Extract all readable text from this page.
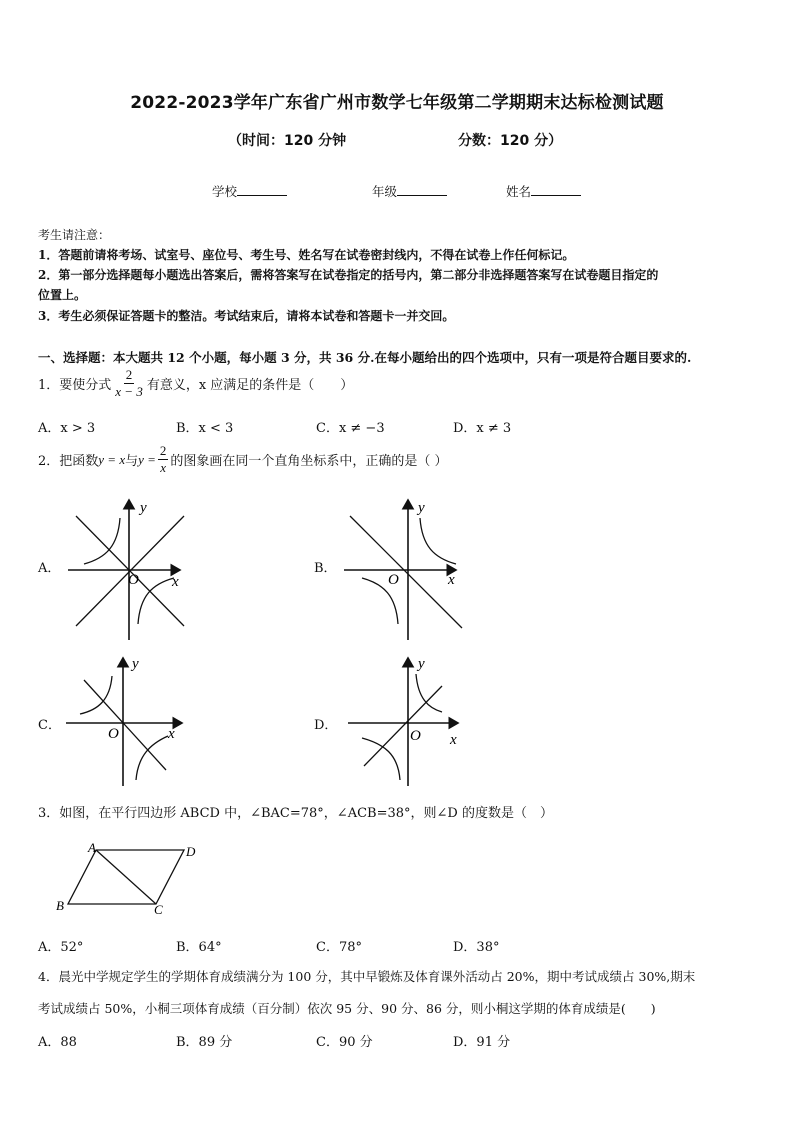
2022-2023学年广东省广州市数学七年级第二学期期末达标检测试题
（时间：120 分钟	分数：120 分）
学校	年级	姓名
考生请注意：
1．答题前请将考场、试室号、座位号、考生号、姓名写在试卷密封线内，不得在试卷上作任何标记。
2．第一部分选择题每小题选出答案后，需将答案写在试卷指定的括号内，第二部分非选择题答案写在试卷题目指定的
位置上。
3．考生必须保证答题卡的整洁。考试结束后，请将本试卷和答题卡一并交回。
一、选择题：本大题共 12 个小题，每小题 3 分，共 36 分.在每小题给出的四个选项中，只有一项是符合题目要求的.
1．要使分式 $\frac{2}{x - 3}$ 有意义，x 应满足的条件是（　　）
A．x > 3	B．x < 3	C．x ≠ −3	D．x ≠ 3
2．把函数 y = x 与 $y = \frac{2}{x}$ 的图象画在同一个直角坐标系中，正确的是（ ）
A．	B．
C．	D．
y
x
O
y
x
O
y
x
O
y
x
O
3．如图，在平行四边形 ABCD 中，∠BAC=78°，∠ACB=38°，则∠D 的度数是（　）
A
B	C
D
A．52°	B．64°	C．78°	D．38°
4．晨光中学规定学生的学期体育成绩满分为 100 分，其中早锻炼及体育课外活动占 20%，期中考试成绩占 30%,期末
考试成绩占 50%，小桐三项体育成绩（百分制）依次 95 分、90 分、86 分，则小桐这学期的体育成绩是(　　)
A．88	B．89 分	C．90 分	D．91 分
